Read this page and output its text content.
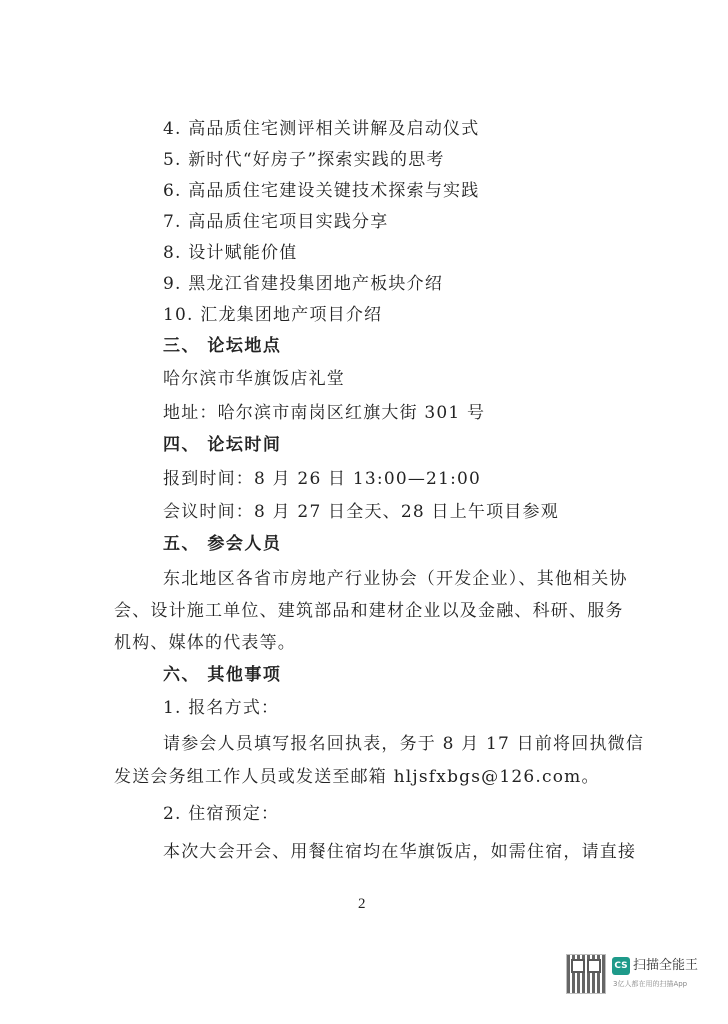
4. 高品质住宅测评相关讲解及启动仪式
5. 新时代“好房子”探索实践的思考
6. 高品质住宅建设关键技术探索与实践
7. 高品质住宅项目实践分享
8. 设计赋能价值
9. 黑龙江省建投集团地产板块介绍
10. 汇龙集团地产项目介绍
三、 论坛地点
哈尔滨市华旗饭店礼堂
地址：哈尔滨市南岗区红旗大街 301 号
四、 论坛时间
报到时间：8 月 26 日 13:00—21:00
会议时间：8 月 27 日全天、28 日上午项目参观
五、 参会人员
东北地区各省市房地产行业协会（开发企业）、其他相关协
会、设计施工单位、建筑部品和建材企业以及金融、科研、服务
机构、媒体的代表等。
六、 其他事项
1. 报名方式：
请参会人员填写报名回执表，务于 8 月 17 日前将回执微信
发送会务组工作人员或发送至邮箱 hljsfxbgs@126.com。
2. 住宿预定：
本次大会开会、用餐住宿均在华旗饭店，如需住宿，请直接
2
CS 扫描全能王
3亿人都在用的扫描App
